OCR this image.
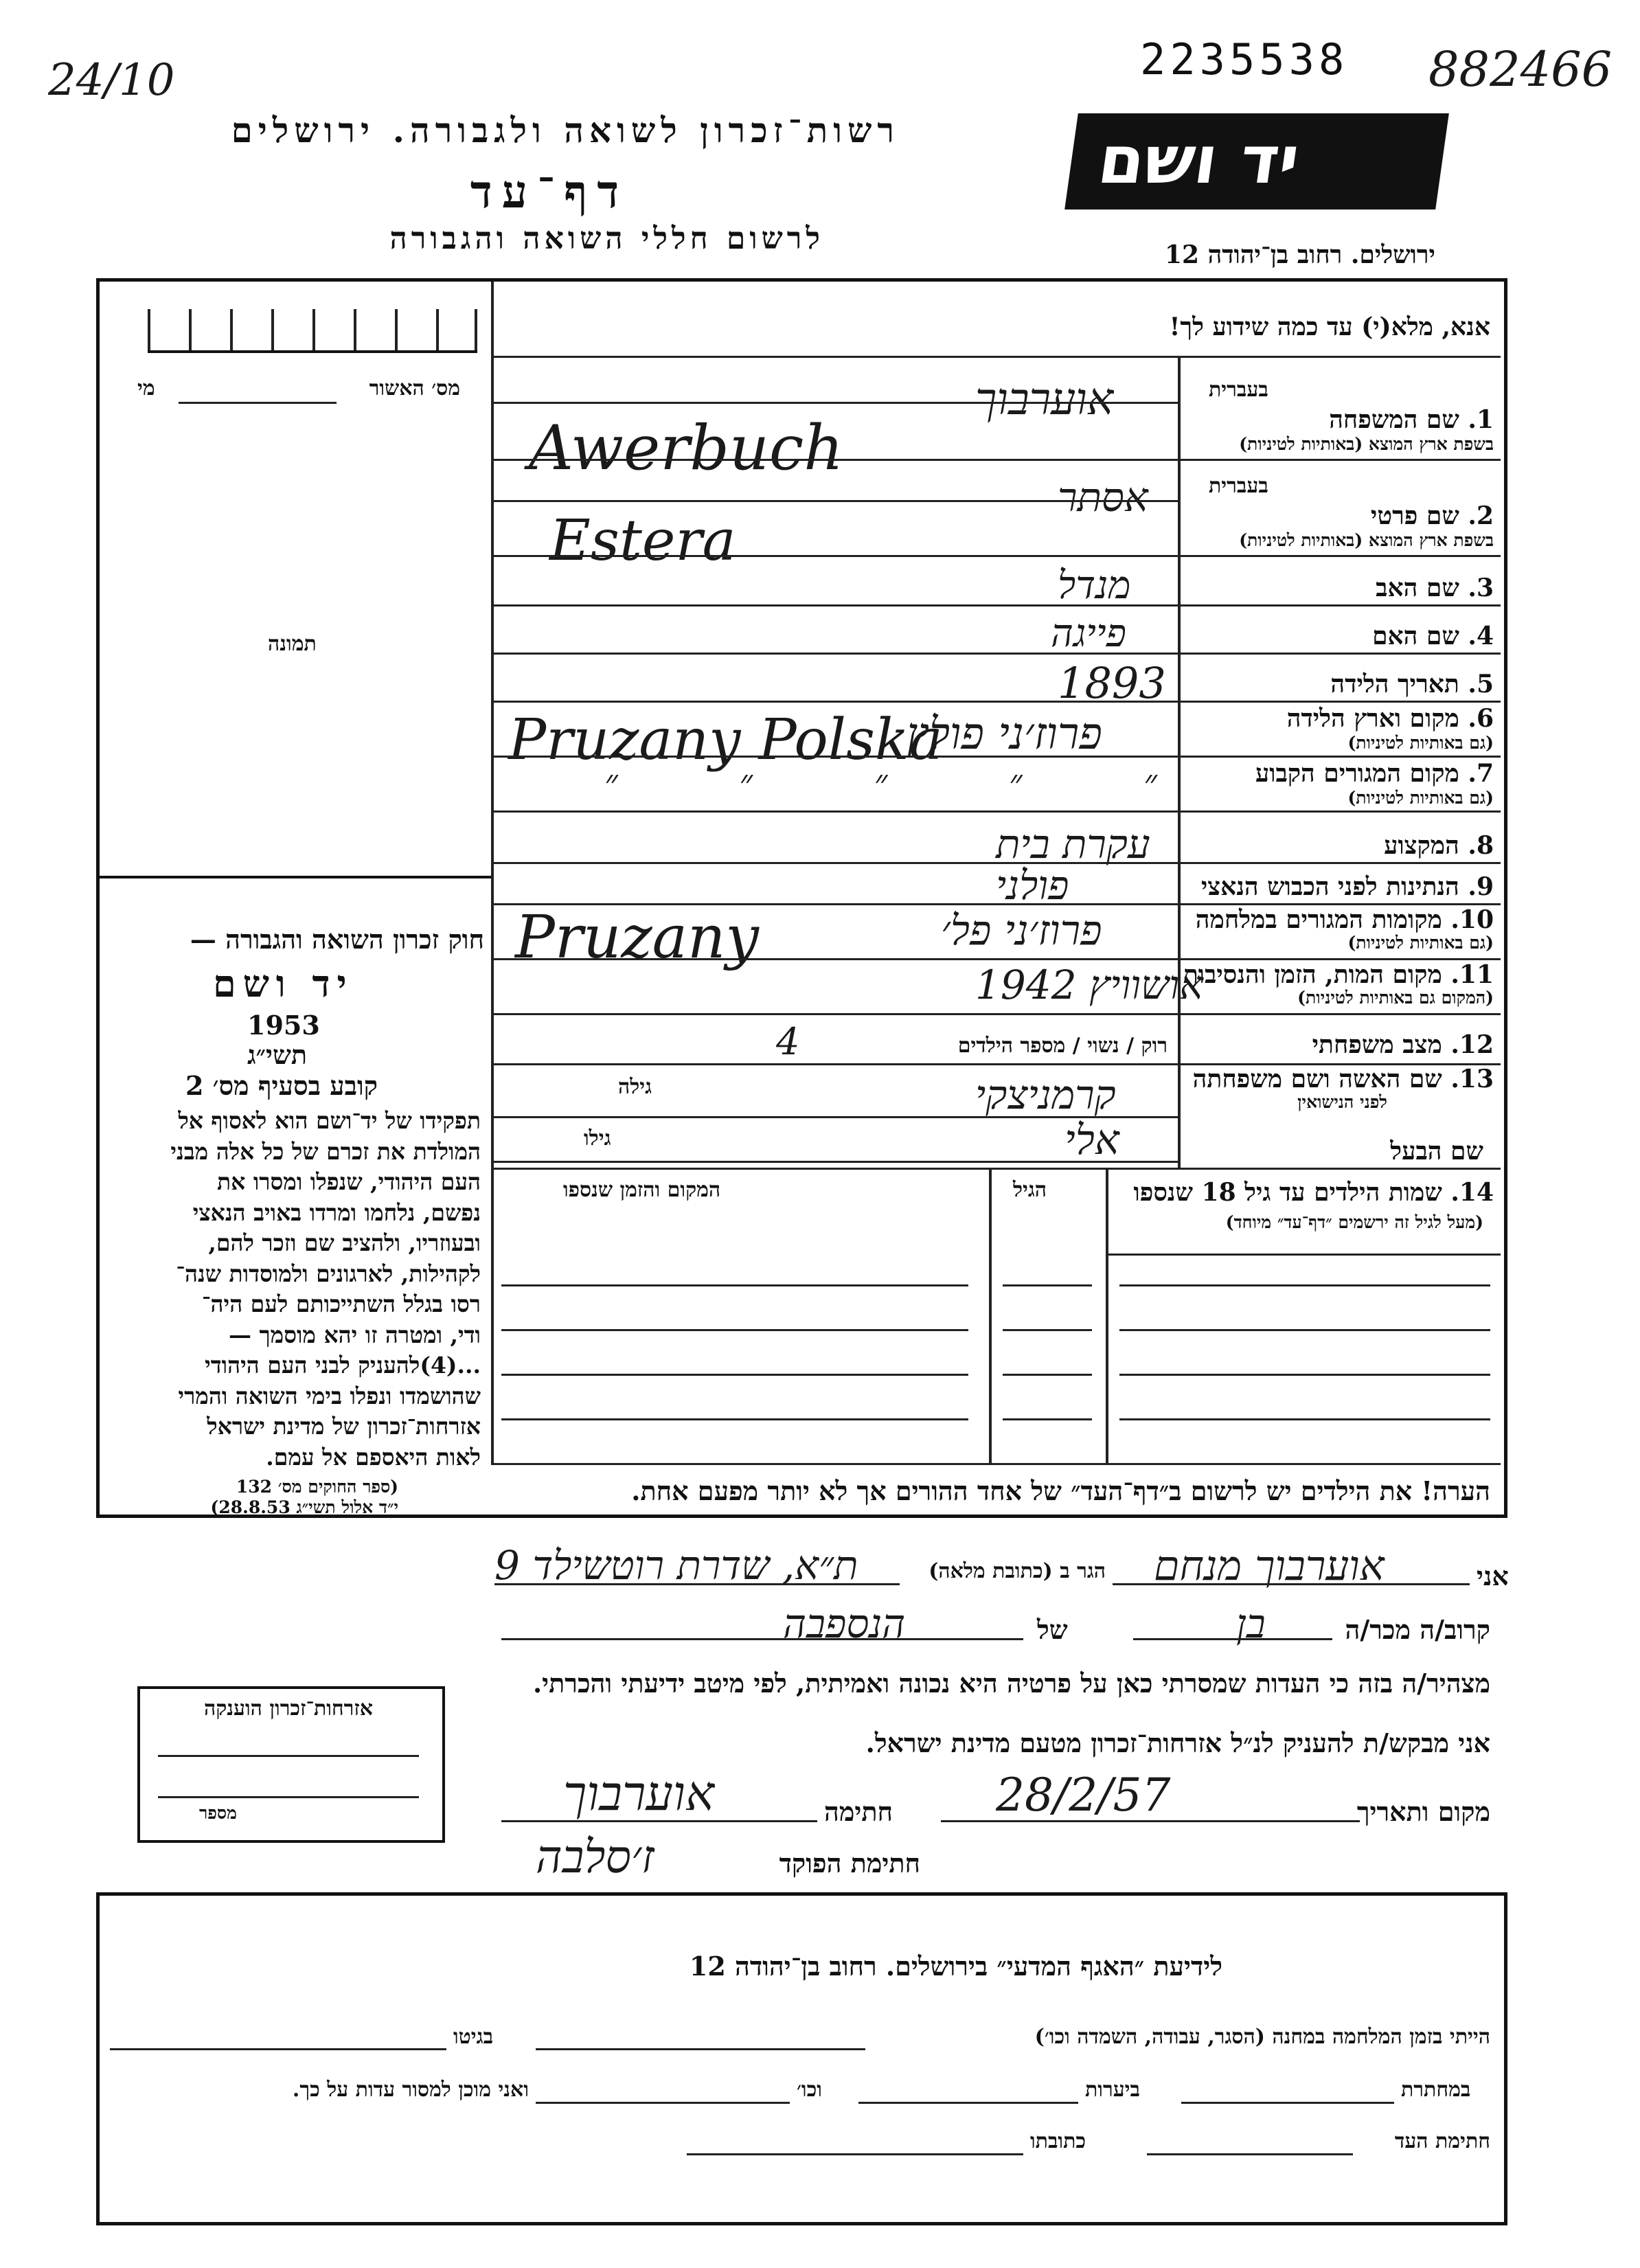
24/10	2235538 882466
יד ושם
רשות־זכרון לשואה ולגבורה. ירושלים
דף־עד
לרשום חללי השואה והגבורה	ירושלים. רחוב בן־יהודה 12
אנא, מלא(י) עד כמה שידוע לך!
מי	מס׳ האשור
תמונה
חוק זכרון השואה והגבורה —
יד ושם
1953
תשי״ג
קובע בסעיף מס׳ 2
תפקידו של יד־ושם הוא לאסוף אל
המולדת את זכרם של כל אלה מבני
העם היהודי, שנפלו ומסרו את
נפשם, נלחמו ומרדו באויב הנאצי
ובעוזריו, ולהציב שם וזכר להם,
לקהילות, לארגונים ולמוסדות שנה־
רסו בגלל השתייכותם לעם היה־
ודי, ומטרה זו יהא מוסמך —
...(4)להעניק לבני העם היהודי
שהושמדו ונפלו בימי השואה והמרי
אזרחות־זכרון של מדינת ישראל
לאות היאספם אל עמם.
(ספר החוקים מס׳ 132
י״ד אלול תשי״ג 28.8.53)
בעברית
1. שם המשפחה
בשפת ארץ המוצא (באותיות לטיניות)
אוערבוך
Awerbuch
בעברית
2. שם פרטי
בשפת ארץ המוצא (באותיות לטיניות)
אסתר
Estera
3. שם האב
מנדל
4. שם האם
פייגה
5. תאריך הלידה
1893
6. מקום וארץ הלידה
(גם באותיות לטיניות)
פרוז׳ני פולין
Pruzany Polska
7. מקום המגורים הקבוע
(גם באותיות לטיניות)
״ ״ ״ ״ ״
8. המקצוע
עקרת בית
9. הנתינות לפני הכבוש הנאצי
פולני
10. מקומות המגורים במלחמה
(גם באותיות לטיניות)
פרוז׳ני פל׳
Pruzany
11. מקום המות, הזמן והנסיבות
(המקום גם באותיות לטיניות)
אושוויץ 1942
12. מצב משפחתי
רוק / נשוי / מספר הילדים
4
13. שם האשה ושם משפחתה
לפני הנישואין
גילה	קרמניצקי
שם הבעל
גילו	אלי
14. שמות הילדים עד גיל 18 שנספו
(מעל לגיל זה ירשמים ״דף־עד״ מיוחד)
הגיל
המקום והזמן שנספו
הערה! את הילדים יש לרשום ב״דף־העד״ של אחד ההורים אך לא יותר מפעם אחת.
אני
אוערבוך מנחם
הגר ב (כתובת מלאה)
ת״א, שדרת רוטשילד 9
קרוב/ה מכר/ה
בן
של
הנספבה
מצהיר/ה בזה כי העדות שמסרתי כאן על פרטיה היא נכונה ואמיתית, לפי מיטב ידיעתי והכרתי.
אני מבקש/ת להעניק לנ״ל אזרחות־זכרון מטעם מדינת ישראל.
מקום ותאריך
28/2/57
חתימה
אוערבוך
חתימת הפוקד
ז׳סלבה
אזרחות־זכרון הוענקה
מספר
לידיעת ״האגף המדעי״ בירושלים. רחוב בן־יהודה 12
הייתי בזמן המלחמה במחנה (הסגר, עבודה, השמדה וכו׳)
בגיטו
במחתרת
ביערות
וכו׳
ואני מוכן למסור עדות על כך.
חתימת העד
כתובתו
